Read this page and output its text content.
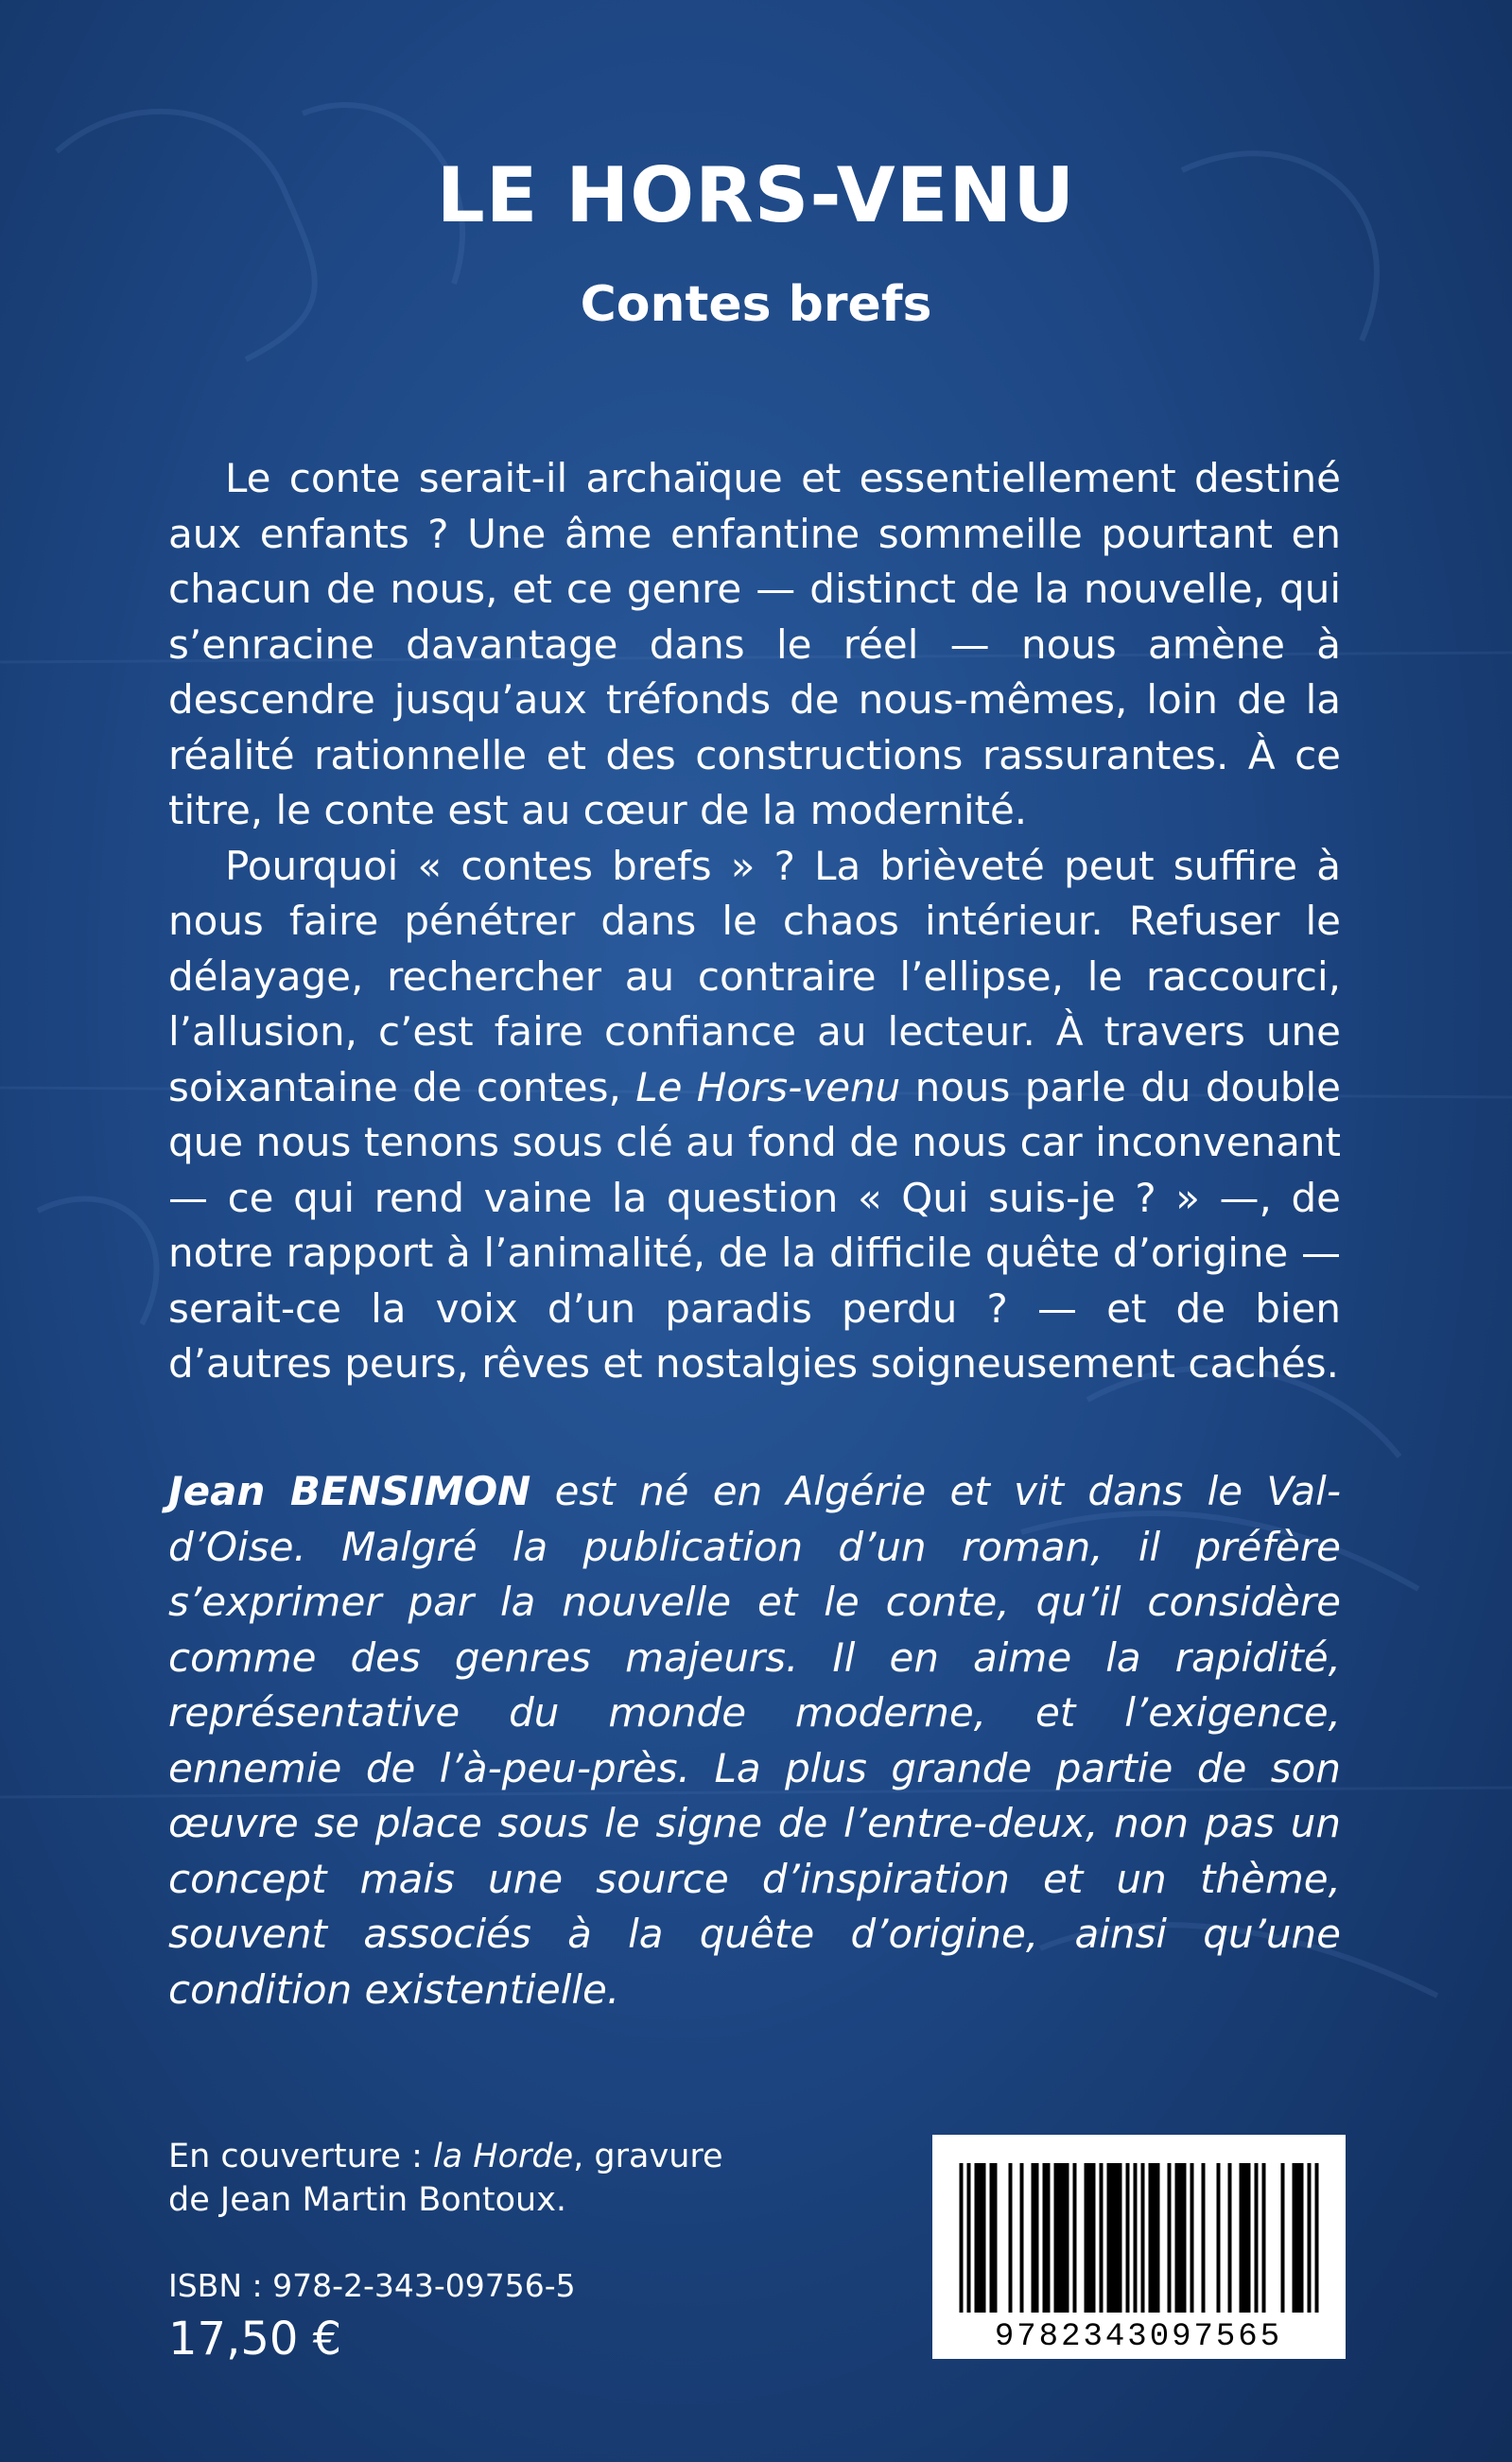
LE HORS-VENU
Contes brefs

Le conte serait-il archaïque et essentiellement destiné aux enfants ? Une âme enfantine sommeille pourtant en chacun de nous, et ce genre — distinct de la nouvelle, qui s’enracine davantage dans le réel — nous amène à descendre jusqu’aux tréfonds de nous-mêmes, loin de la réalité rationnelle et des constructions rassurantes. À ce titre, le conte est au cœur de la modernité.

Pourquoi « contes brefs » ? La brièveté peut suffire à nous faire pénétrer dans le chaos intérieur. Refuser le délayage, rechercher au contraire l’ellipse, le raccourci, l’allusion, c’est faire confiance au lecteur. À travers une soixantaine de contes, Le Hors-venu nous parle du double que nous tenons sous clé au fond de nous car inconvenant — ce qui rend vaine la question « Qui suis-je ? » —, de notre rapport à l’animalité, de la difficile quête d’origine — serait-ce la voix d’un paradis perdu ? — et de bien d’autres peurs, rêves et nostalgies soigneusement cachés.

Jean BENSIMON est né en Algérie et vit dans le Val-d’Oise. Malgré la publication d’un roman, il préfère s’exprimer par la nouvelle et le conte, qu’il considère comme des genres majeurs. Il en aime la rapidité, représentative du monde moderne, et l’exigence, ennemie de l’à-peu-près. La plus grande partie de son œuvre se place sous le signe de l’entre-deux, non pas un concept mais une source d’inspiration et un thème, souvent associés à la quête d’origine, ainsi qu’une condition existentielle.

En couverture : la Horde, gravure

de Jean Martin Bontoux.

ISBN : 978-2-343-09756-5
17,50 €	9782343097565
